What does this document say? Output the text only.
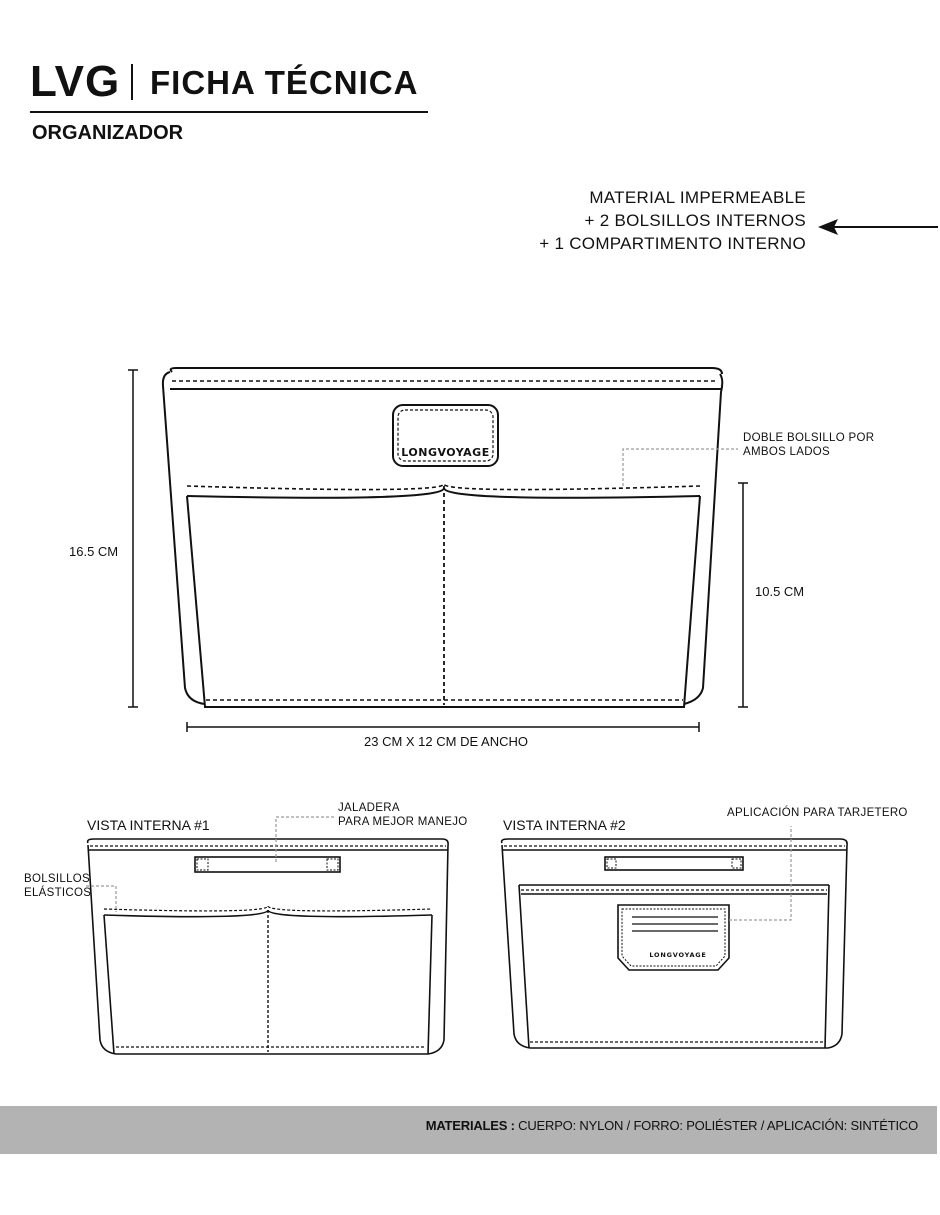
LVG FICHA TÉCNICA
ORGANIZADOR
MATERIAL IMPERMEABLE
+ 2 BOLSILLOS INTERNOS
+ 1 COMPARTIMENTO INTERNO
LONGVOYAGE
LONGVOYAGE
16.5 CM
10.5 CM
23 CM X 12 CM DE ANCHO
DOBLE BOLSILLO POR
AMBOS LADOS
VISTA INTERNA #1
JALADERA
PARA MEJOR MANEJO
BOLSILLOS
ELÁSTICOS
VISTA INTERNA #2
APLICACIÓN PARA TARJETERO
MATERIALES : CUERPO: NYLON / FORRO: POLIÉSTER / APLICACIÓN: SINTÉTICO
